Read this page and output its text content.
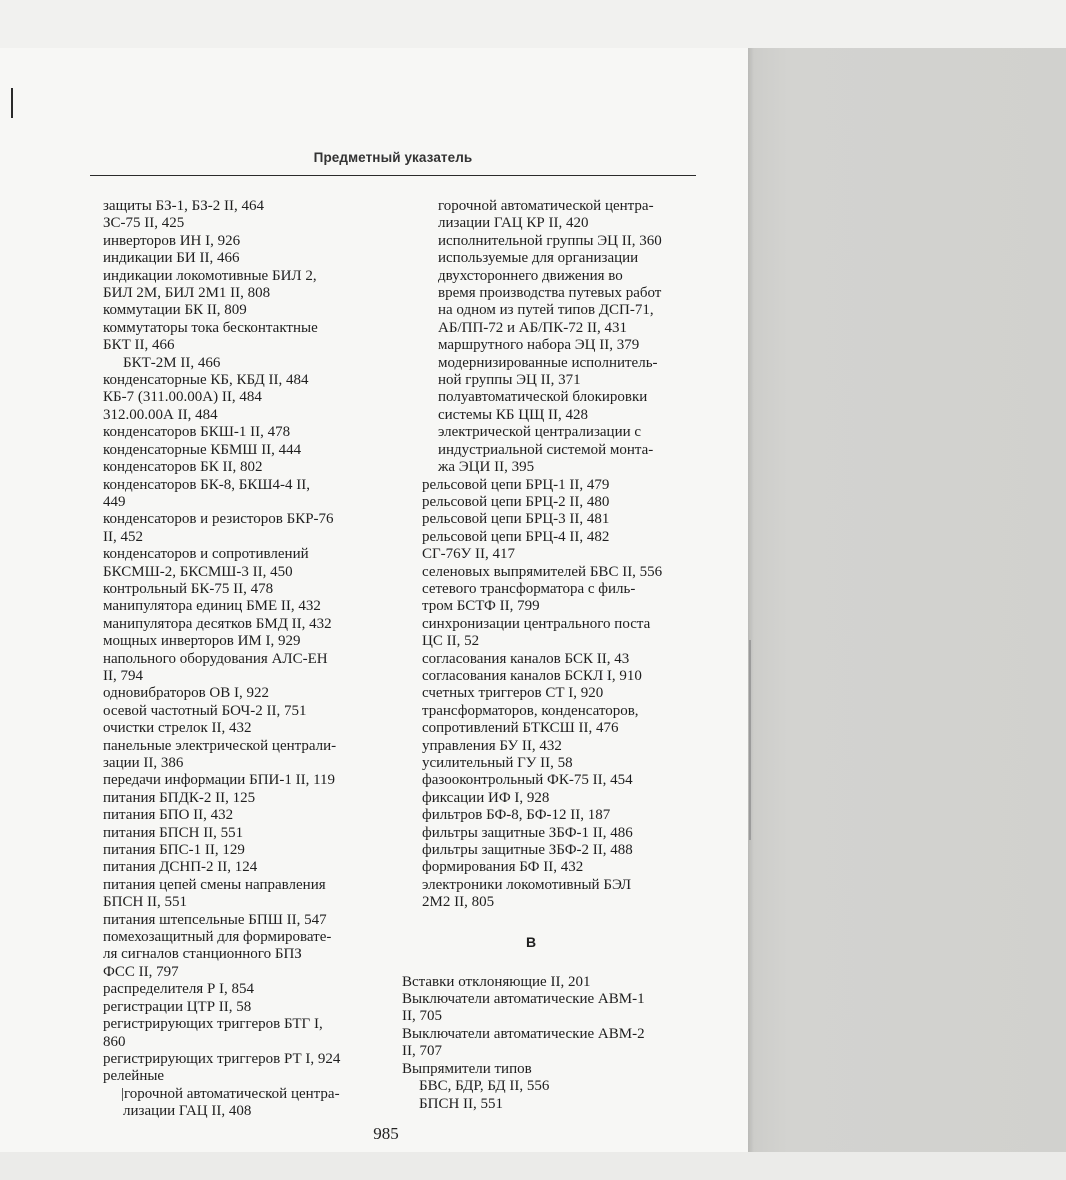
Предметный указатель
защиты БЗ-1, БЗ-2 II, 464
ЗС-75 II, 425
инверторов ИН I, 926
индикации БИ II, 466
индикации локомотивные БИЛ 2,
БИЛ 2М, БИЛ 2М1 II, 808
коммутации БК II, 809
коммутаторы тока бесконтактные
БКТ II, 466
БКТ-2М II, 466
конденсаторные КБ, КБД II, 484
КБ-7 (311.00.00А) II, 484
312.00.00А II, 484
конденсаторов БКШ-1 II, 478
конденсаторные КБМШ II, 444
конденсаторов БК II, 802
конденсаторов БК-8, БКШ4-4 II,
449
конденсаторов и резисторов БКР-76
II, 452
конденсаторов и сопротивлений
БКСМШ-2, БКСМШ-3 II, 450
контрольный БК-75 II, 478
манипулятора единиц БМЕ II, 432
манипулятора десятков БМД II, 432
мощных инверторов ИМ I, 929
напольного оборудования АЛС-ЕН
II, 794
одновибраторов ОВ I, 922
осевой частотный БОЧ-2 II, 751
очистки стрелок II, 432
панельные электрической централи-
зации II, 386
передачи информации БПИ-1 II, 119
питания БПДК-2 II, 125
питания БПО II, 432
питания БПСН II, 551
питания БПС-1 II, 129
питания ДСНП-2 II, 124
питания цепей смены направления
БПСН II, 551
питания штепсельные БПШ II, 547
помехозащитный для формировате-
ля сигналов станционного БПЗ
ФСС II, 797
распределителя Р I, 854
регистрации ЦТР II, 58
регистрирующих триггеров БТГ I,
860
регистрирующих триггеров РТ I, 924
релейные
|горочной автоматической центра-
лизации ГАЦ II, 408
горочной автоматической центра-
лизации ГАЦ КР II, 420
исполнительной группы ЭЦ II, 360
используемые для организации
двухстороннего движения во
время производства путевых работ
на одном из путей типов ДСП-71,
АБ/ПП-72 и АБ/ПК-72 II, 431
маршрутного набора ЭЦ II, 379
модернизированные исполнитель-
ной группы ЭЦ II, 371
полуавтоматической блокировки
системы КБ ЦЩ II, 428
электрической централизации с
индустриальной системой монта-
жа ЭЦИ II, 395
рельсовой цепи БРЦ-1 II, 479
рельсовой цепи БРЦ-2 II, 480
рельсовой цепи БРЦ-3 II, 481
рельсовой цепи БРЦ-4 II, 482
СГ-76У II, 417
селеновых выпрямителей БВС II, 556
сетевого трансформатора с филь-
тром БСТФ II, 799
синхронизации центрального поста
ЦС II, 52
согласования каналов БСК II, 43
согласования каналов БСКЛ I, 910
счетных триггеров СТ I, 920
трансформаторов, конденсаторов,
сопротивлений БТКСШ II, 476
управления БУ II, 432
усилительный ГУ II, 58
фазооконтрольный ФК-75 II, 454
фиксации ИФ I, 928
фильтров БФ-8, БФ-12 II, 187
фильтры защитные ЗБФ-1 II, 486
фильтры защитные ЗБФ-2 II, 488
формирования БФ II, 432
электроники локомотивный БЭЛ
2М2 II, 805
В
Вставки отклоняющие II, 201
Выключатели автоматические АВМ-1
II, 705
Выключатели автоматические АВМ-2
II, 707
Выпрямители типов
БВС, БДР, БД II, 556
БПСН II, 551
985
